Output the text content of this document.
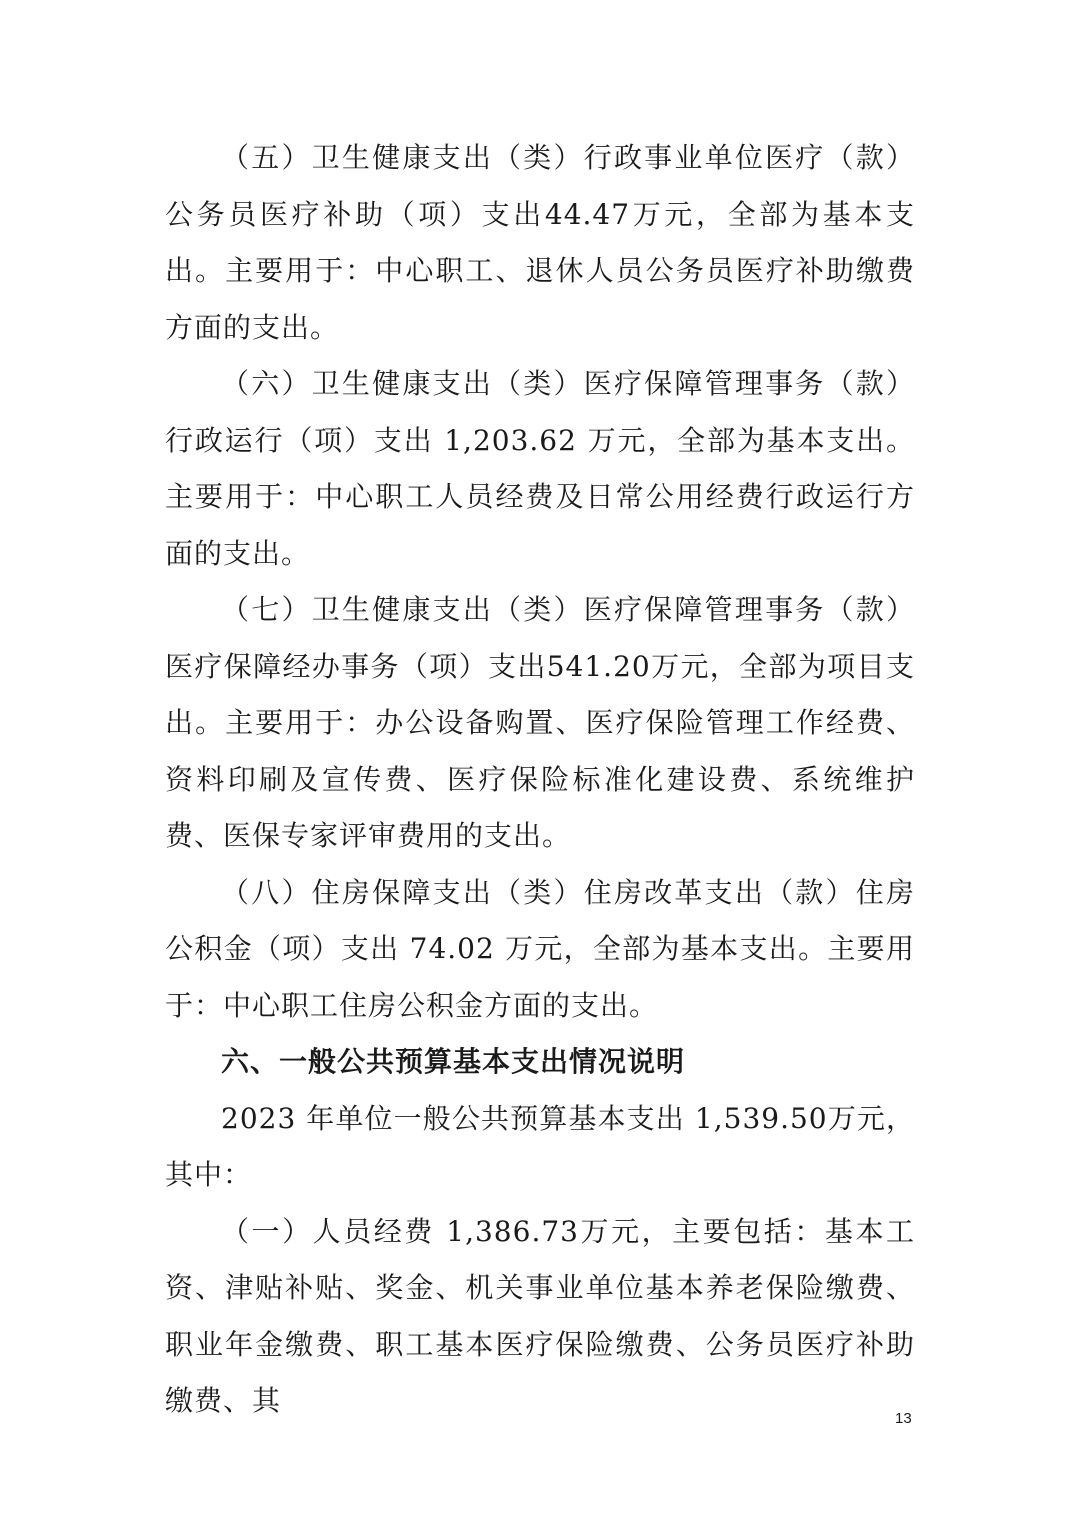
（五）卫生健康支出（类）行政事业单位医疗（款）公务员医疗补助（项）支出44.47万元，全部为基本支出。主要用于：中心职工、退休人员公务员医疗补助缴费方面的支出。

（六）卫生健康支出（类）医疗保障管理事务（款）行政运行（项）支出 1,203.62 万元，全部为基本支出。主要用于：中心职工人员经费及日常公用经费行政运行方面的支出。

（七）卫生健康支出（类）医疗保障管理事务（款）医疗保障经办事务（项）支出541.20万元，全部为项目支出。主要用于：办公设备购置、医疗保险管理工作经费、资料印刷及宣传费、医疗保险标准化建设费、系统维护费、医保专家评审费用的支出。

（八）住房保障支出（类）住房改革支出（款）住房公积金（项）支出 74.02 万元，全部为基本支出。主要用于：中心职工住房公积金方面的支出。

六、一般公共预算基本支出情况说明

2023 年单位一般公共预算基本支出 1,539.50万元，其中：

（一）人员经费 1,386.73万元，主要包括：基本工资、津贴补贴、奖金、机关事业单位基本养老保险缴费、职业年金缴费、职工基本医疗保险缴费、公务员医疗补助缴费、其

13
